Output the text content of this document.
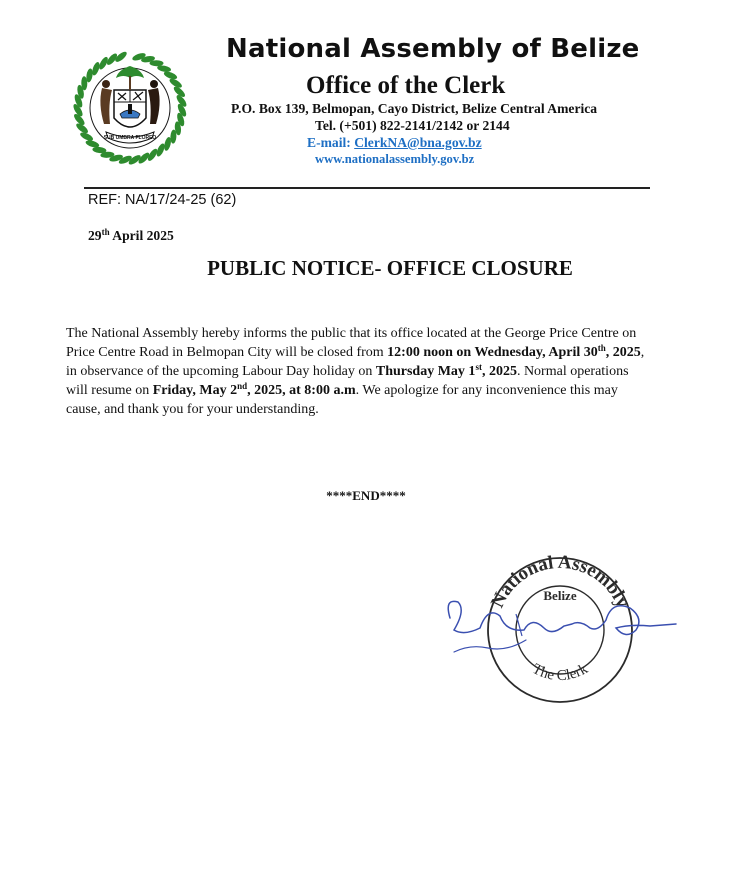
SUB UMBRA FLOREO
National Assembly of Belize
Office of the Clerk
P.O. Box 139, Belmopan, Cayo District, Belize Central America
Tel. (+501) 822-2141/2142 or 2144
E-mail: ClerkNA@bna.gov.bz
www.nationalassembly.gov.bz
REF: NA/17/24-25 (62)
29th April 2025
PUBLIC NOTICE- OFFICE CLOSURE
The National Assembly hereby informs the public that its office located at the George Price Centre on
Price Centre Road in Belmopan City will be closed from 12:00 noon on Wednesday, April 30th, 2025,
in observance of the upcoming Labour Day holiday on Thursday May 1st, 2025. Normal operations
will resume on Friday, May 2nd, 2025, at 8:00 a.m. We apologize for any inconvenience this may
cause, and thank you for your understanding.
****END****
National Assembly
Belize
The Clerk
